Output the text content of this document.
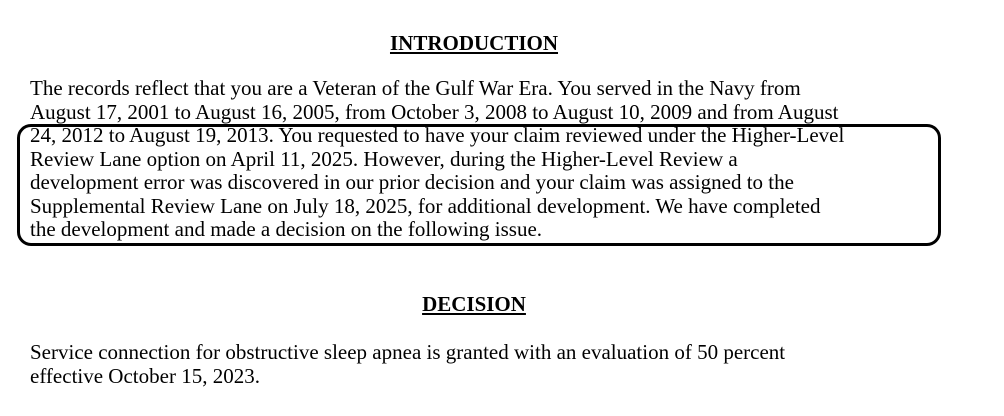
INTRODUCTION

The records reflect that you are a Veteran of the Gulf War Era. You served in the Navy from
August 17, 2001 to August 16, 2005, from October 3, 2008 to August 10, 2009 and from August
24, 2012 to August 19, 2013. You requested to have your claim reviewed under the Higher-Level
Review Lane option on April 11, 2025. However, during the Higher-Level Review a
development error was discovered in our prior decision and your claim was assigned to the
Supplemental Review Lane on July 18, 2025, for additional development. We have completed
the development and made a decision on the following issue.

DECISION

Service connection for obstructive sleep apnea is granted with an evaluation of 50 percent
effective October 15, 2023.
